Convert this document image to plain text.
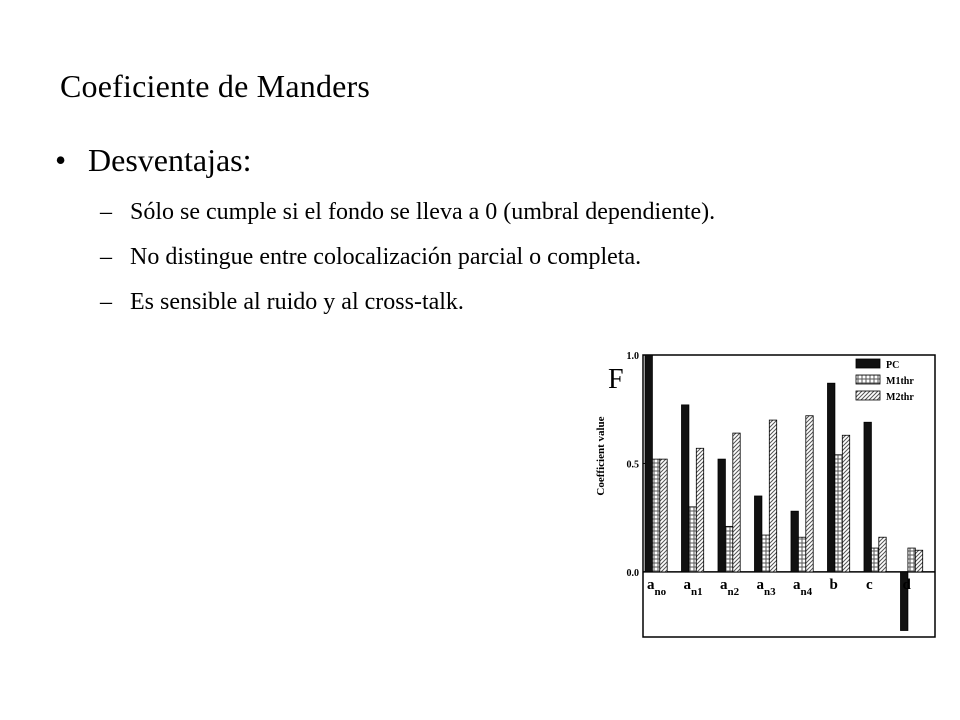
Coeficiente de Manders
• Desventajas:
– Sólo se cumple si el fondo se lleva a 0 (umbral dependiente).
– No distingue entre colocalización parcial o completa.
– Es sensible al ruido y al cross-talk.
F
Coefficient value
1.0
0.5
0.0
$a_{no}$ $a_{n1}$ $a_{n2}$ $a_{n3}$ $a_{n4}$ b c d
PC
M1thr
M2thr
